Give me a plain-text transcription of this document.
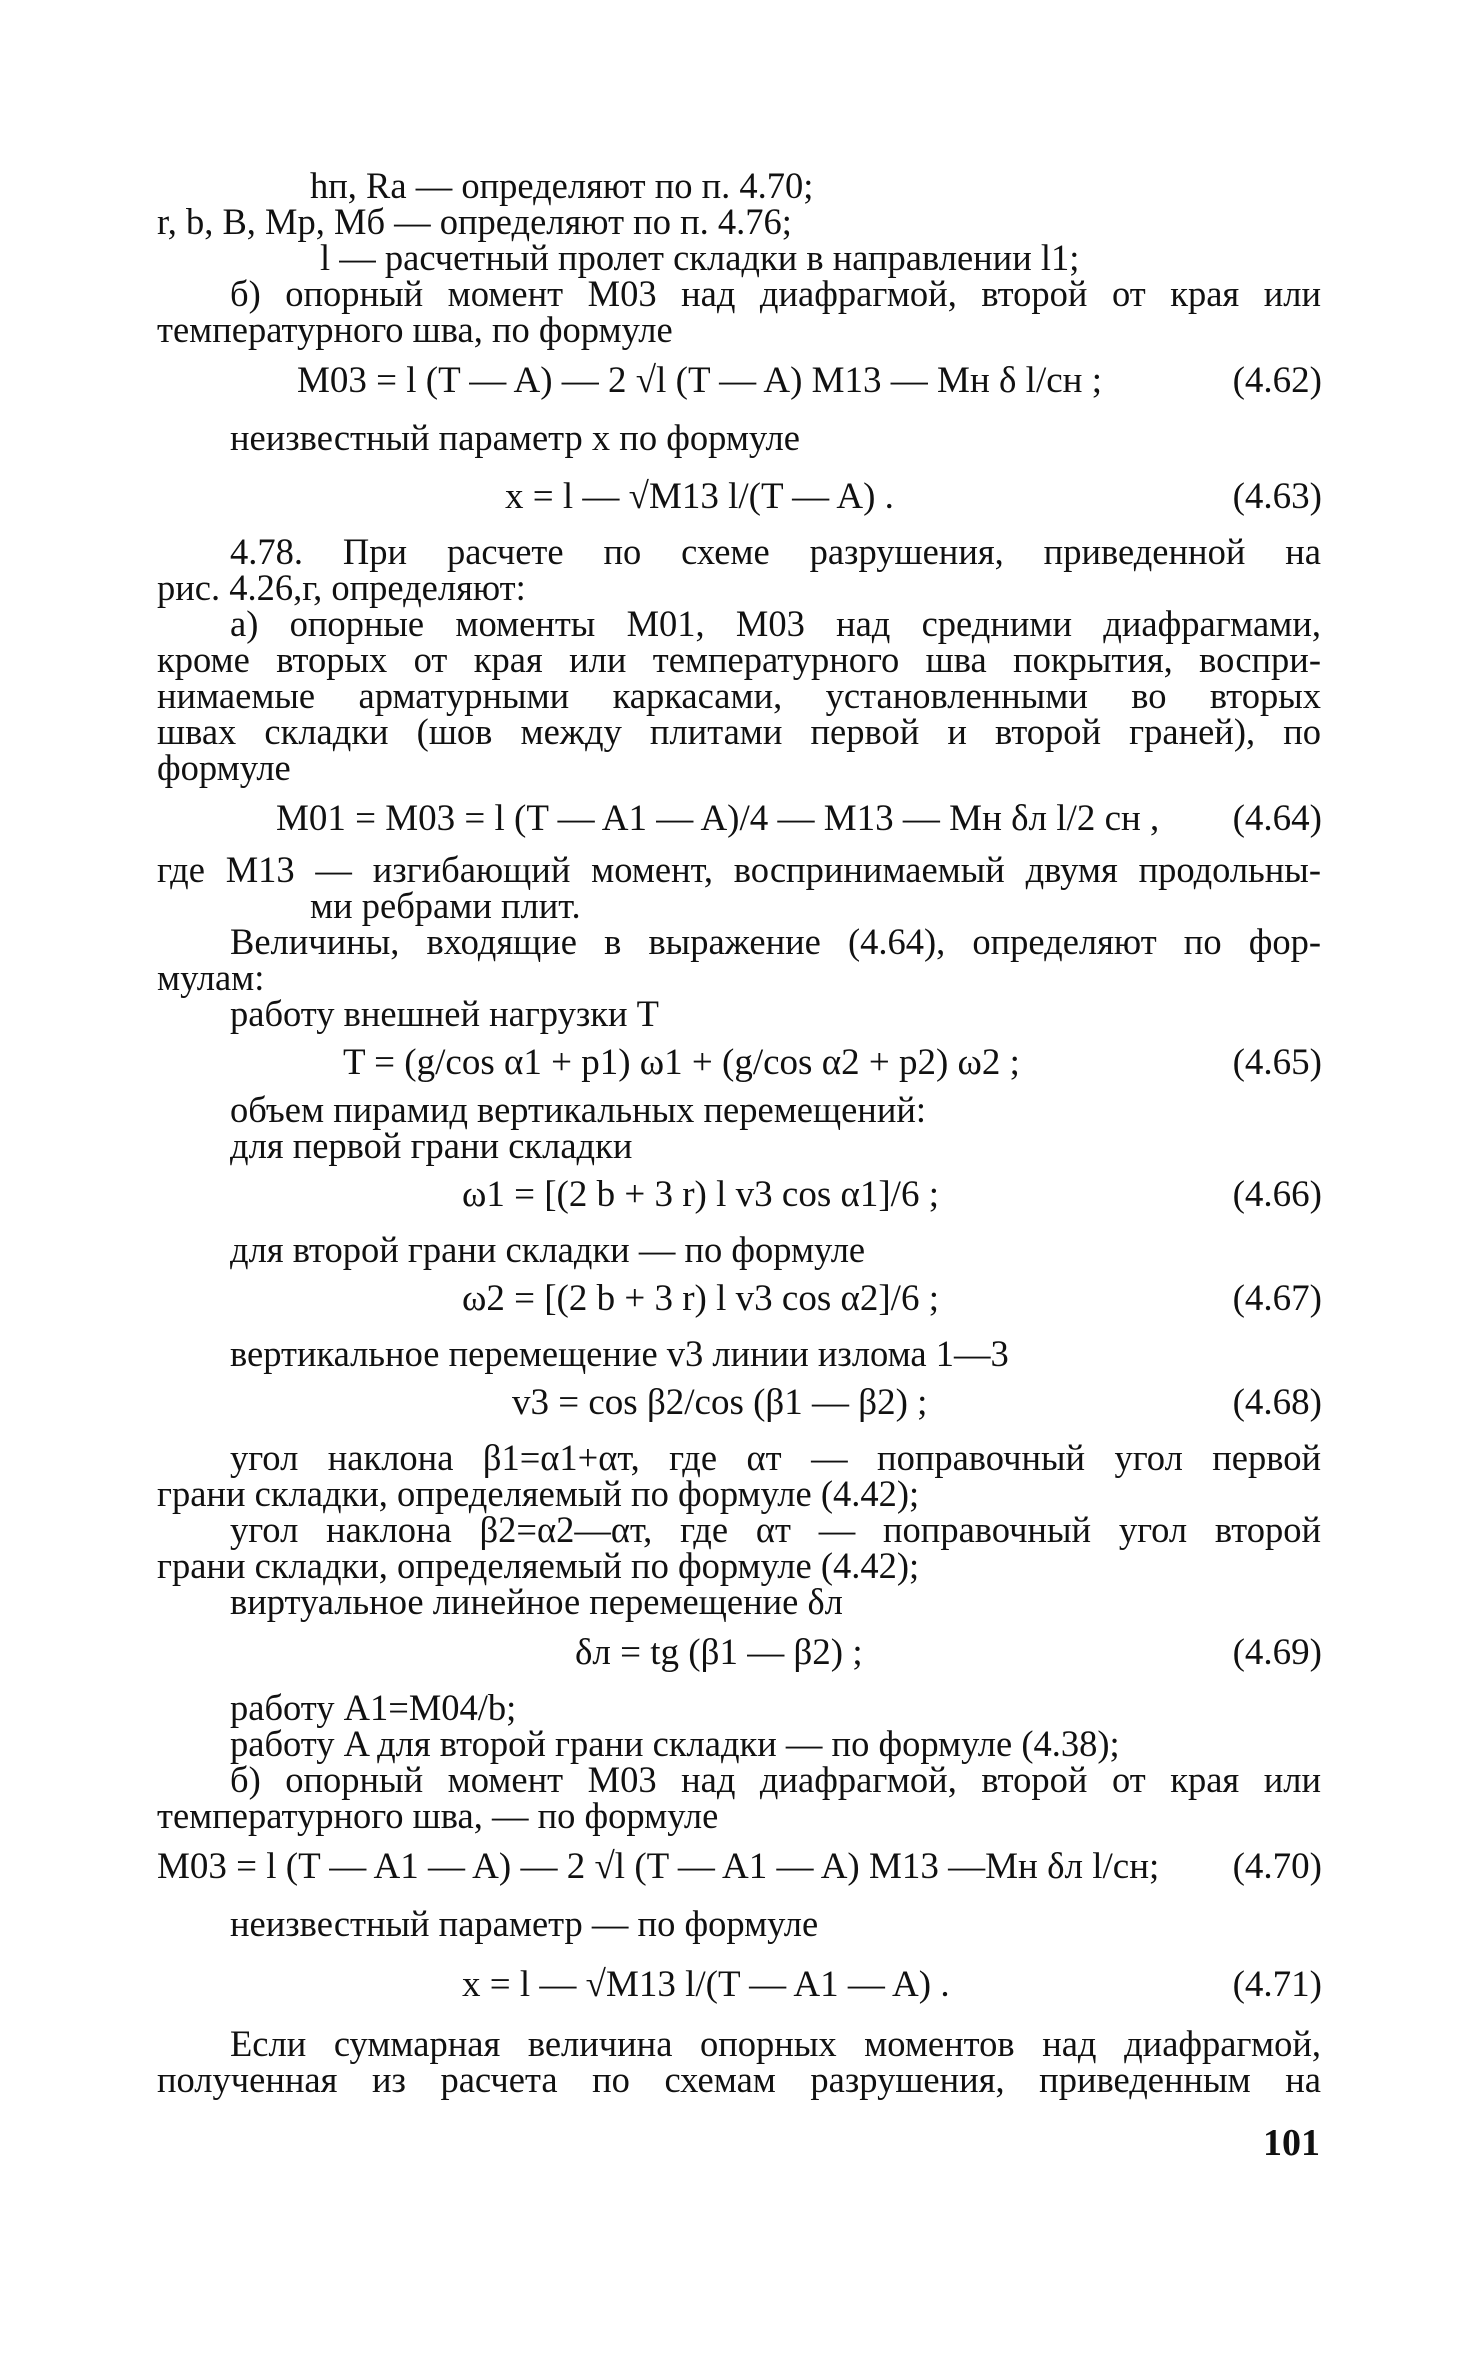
hп, Ra — определяют по п. 4.70;
r, b, B, Mр, Mб — определяют по п. 4.76;
l — расчетный пролет складки в направлении l1;
б) опорный момент M03 над диафрагмой, второй от края или
температурного шва, по формуле
M03 = l (T — A) — 2 √l (T — A) M13 — Mн δ l/cн ;	(4.62)
неизвестный параметр x по формуле
x = l — √M13 l/(T — A) .	(4.63)
4.78. При расчете по схеме разрушения, приведенной на
рис. 4.26,г, определяют:
а) опорные моменты M01, M03 над средними диафрагмами,
кроме вторых от края или температурного шва покрытия, воспри-
нимаемые арматурными каркасами, установленными во вторых
швах складки (шов между плитами первой и второй граней), по
формуле
M01 = M03 = l (T — A1 — A)/4 — M13 — Mн δл l/2 cн , (4.64)
где M13 — изгибающий момент, воспринимаемый двумя продольны-
ми ребрами плит.
Величины, входящие в выражение (4.64), определяют по фор-
мулам:
работу внешней нагрузки T
T = (g/cos α1 + p1) ω1 + (g/cos α2 + p2) ω2 ;	(4.65)
объем пирамид вертикальных перемещений:
для первой грани складки
ω1 = [(2 b + 3 r) l v3 cos α1]/6 ;	(4.66)
для второй грани складки — по формуле
ω2 = [(2 b + 3 r) l v3 cos α2]/6 ;	(4.67)
вертикальное перемещение v3 линии излома 1—3
v3 = cos β2/cos (β1 — β2) ;	(4.68)
угол наклона β1=α1+αт, где αт — поправочный угол первой
грани складки, определяемый по формуле (4.42);
угол наклона β2=α2—αт, где αт — поправочный угол второй
грани складки, определяемый по формуле (4.42);
виртуальное линейное перемещение δл
δл = tg (β1 — β2) ;	(4.69)
работу A1=M04/b;
работу A для второй грани складки — по формуле (4.38);
б) опорный момент M03 над диафрагмой, второй от края или
температурного шва, — по формуле
M03 = l (T — A1 — A) — 2 √l (T — A1 — A) M13 —Mн δл l/cн; (4.70)
неизвестный параметр — по формуле
x = l — √M13 l/(T — A1 — A) .	(4.71)
Если суммарная величина опорных моментов над диафрагмой,
полученная из расчета по схемам разрушения, приведенным на
101
